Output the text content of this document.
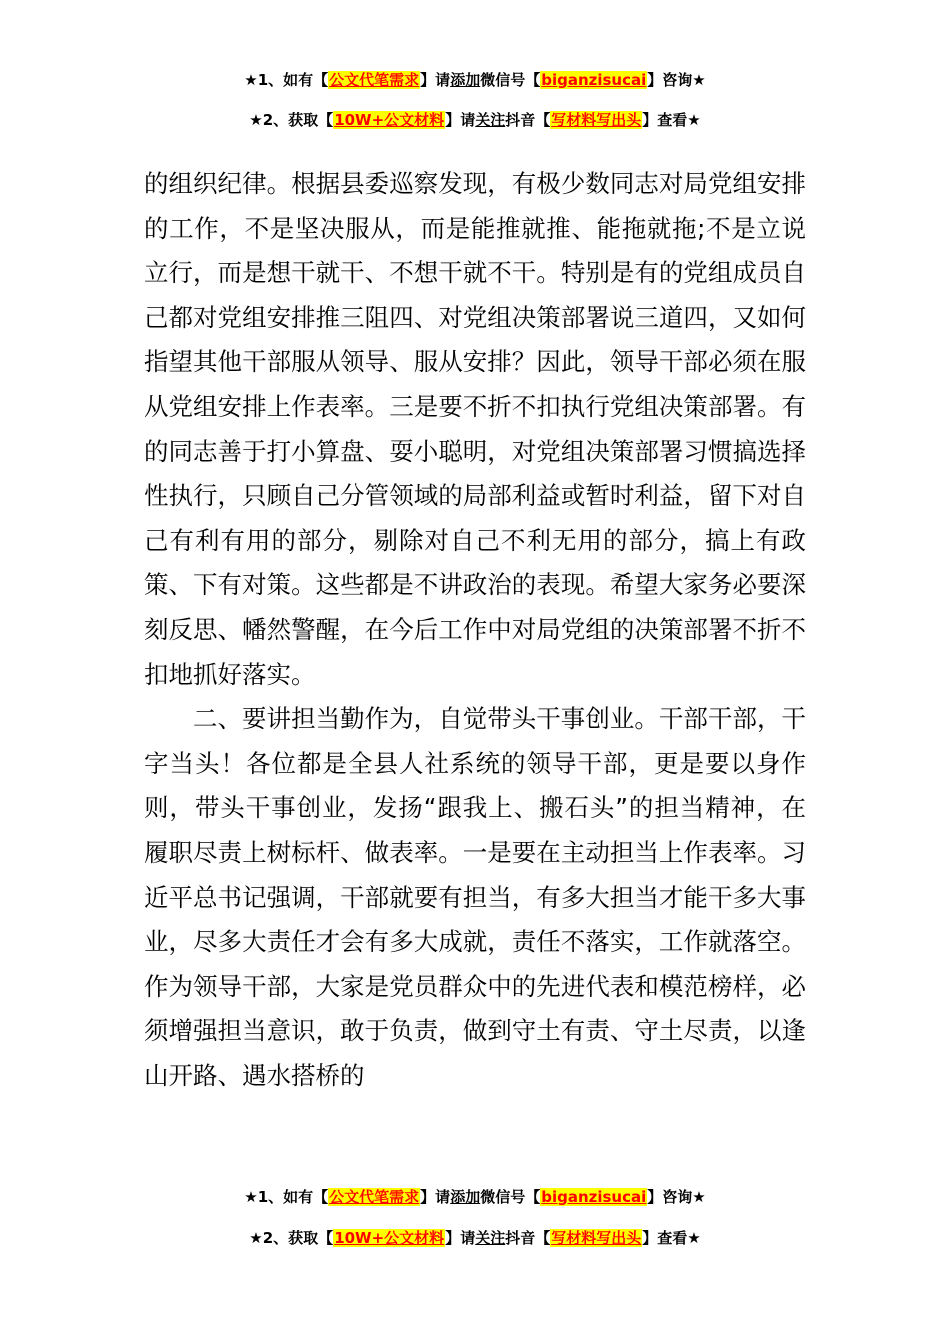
★1、如有【公文代笔需求】请添加微信号【biganzisucai】咨询★
★2、获取【10W+公文材料】请关注抖音【写材料写出头】查看★

的组织纪律。根据县委巡察发现，有极少数同志对局党组安排的工作，不是坚决服从，而是能推就推、能拖就拖;不是立说立行，而是想干就干、不想干就不干。特别是有的党组成员自己都对党组安排推三阻四、对党组决策部署说三道四，又如何指望其他干部服从领导、服从安排？因此，领导干部必须在服从党组安排上作表率。三是要不折不扣执行党组决策部署。有的同志善于打小算盘、耍小聪明，对党组决策部署习惯搞选择性执行，只顾自己分管领域的局部利益或暂时利益，留下对自己有利有用的部分，剔除对自己不利无用的部分，搞上有政策、下有对策。这些都是不讲政治的表现。希望大家务必要深刻反思、幡然警醒，在今后工作中对局党组的决策部署不折不扣地抓好落实。

二、要讲担当勤作为，自觉带头干事创业。干部干部，干字当头！各位都是全县人社系统的领导干部，更是要以身作则，带头干事创业，发扬“跟我上、搬石头”的担当精神，在履职尽责上树标杆、做表率。一是要在主动担当上作表率。习近平总书记强调，干部就要有担当，有多大担当才能干多大事业，尽多大责任才会有多大成就，责任不落实，工作就落空。作为领导干部，大家是党员群众中的先进代表和模范榜样，必须增强担当意识，敢于负责，做到守土有责、守土尽责，以逢山开路、遇水搭桥的

★1、如有【公文代笔需求】请添加微信号【biganzisucai】咨询★
★2、获取【10W+公文材料】请关注抖音【写材料写出头】查看★
